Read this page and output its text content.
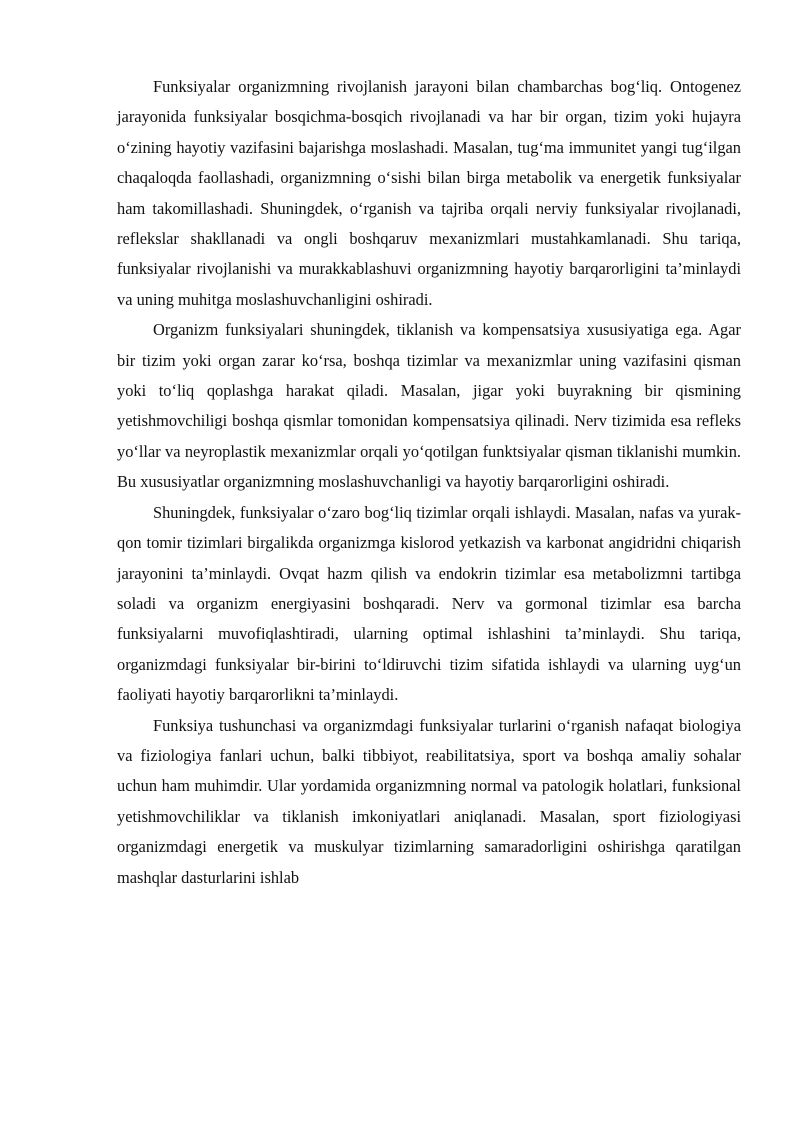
Funksiyalar organizmning rivojlanish jarayoni bilan chambarchas bog‘liq. Ontogenez jarayonida funksiyalar bosqichma-bosqich rivojlanadi va har bir organ, tizim yoki hujayra o‘zining hayotiy vazifasini bajarishga moslashadi. Masalan, tug‘ma immunitet yangi tug‘ilgan chaqaloqda faollashadi, organizmning o‘sishi bilan birga metabolik va energetik funksiyalar ham takomillashadi. Shuningdek, o‘rganish va tajriba orqali nerviy funksiyalar rivojlanadi, reflekslar shakllanadi va ongli boshqaruv mexanizmlari mustahkamlanadi. Shu tariqa, funksiyalar rivojlanishi va murakkablashuvi organizmning hayotiy barqarorligini ta’minlaydi va uning muhitga moslashuvchanligini oshiradi.

Organizm funksiyalari shuningdek, tiklanish va kompensatsiya xususiyatiga ega. Agar bir tizim yoki organ zarar ko‘rsa, boshqa tizimlar va mexanizmlar uning vazifasini qisman yoki to‘liq qoplashga harakat qiladi. Masalan, jigar yoki buyrakning bir qismining yetishmovchiligi boshqa qismlar tomonidan kompensatsiya qilinadi. Nerv tizimida esa refleks yo‘llar va neyroplastik mexanizmlar orqali yo‘qotilgan funktsiyalar qisman tiklanishi mumkin. Bu xususiyatlar organizmning moslashuvchanligi va hayotiy barqarorligini oshiradi.

Shuningdek, funksiyalar o‘zaro bog‘liq tizimlar orqali ishlaydi. Masalan, nafas va yurak-qon tomir tizimlari birgalikda organizmga kislorod yetkazish va karbonat angidridni chiqarish jarayonini ta’minlaydi. Ovqat hazm qilish va endokrin tizimlar esa metabolizmni tartibga soladi va organizm energiyasini boshqaradi. Nerv va gormonal tizimlar esa barcha funksiyalarni muvofiqlashtiradi, ularning optimal ishlashini ta’minlaydi. Shu tariqa, organizmdagi funksiyalar bir-birini to‘ldiruvchi tizim sifatida ishlaydi va ularning uyg‘un faoliyati hayotiy barqarorlikni ta’minlaydi.

Funksiya tushunchasi va organizmdagi funksiyalar turlarini o‘rganish nafaqat biologiya va fiziologiya fanlari uchun, balki tibbiyot, reabilitatsiya, sport va boshqa amaliy sohalar uchun ham muhimdir. Ular yordamida organizmning normal va patologik holatlari, funksional yetishmovchiliklar va tiklanish imkoniyatlari aniqlanadi. Masalan, sport fiziologiyasi organizmdagi energetik va muskulyar tizimlarning samaradorligini oshirishga qaratilgan mashqlar dasturlarini ishlab
